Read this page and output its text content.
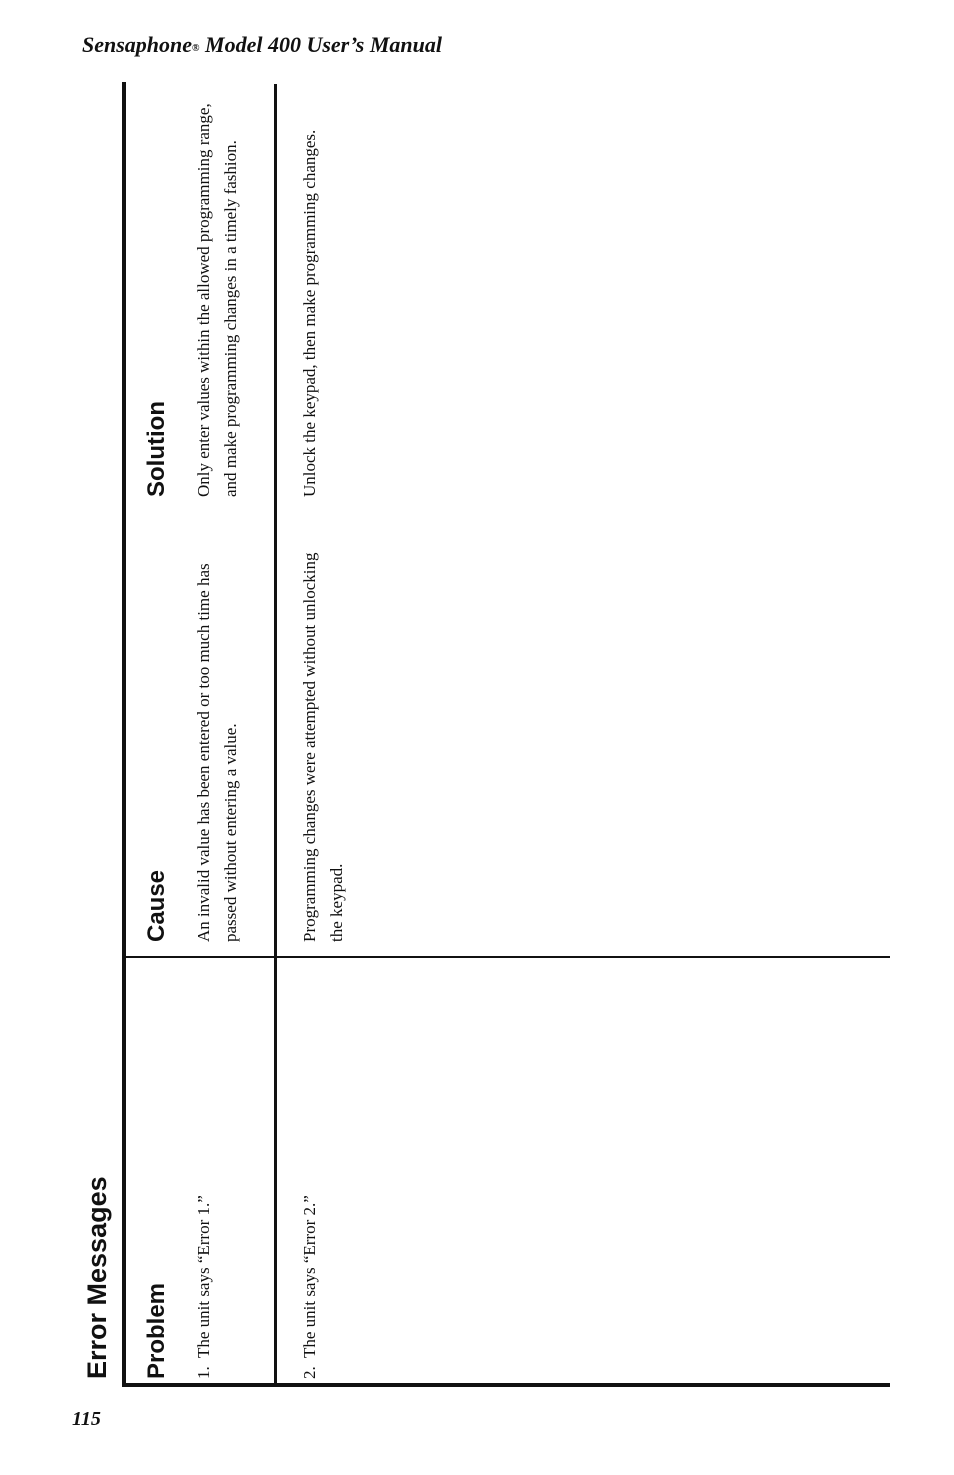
Sensaphone® Model 400 User’s Manual
Error Messages Problem
Cause
Solution
1.  The unit says “Error 1.”
An invalid value has been entered or too much time has passed without entering a value.
Only enter values within the allowed programming range, and make programming changes in a timely fashion.
2.  The unit says “Error 2.”
Programming changes were attempted without unlocking the keypad.
Unlock the keypad, then make programming changes.
115
